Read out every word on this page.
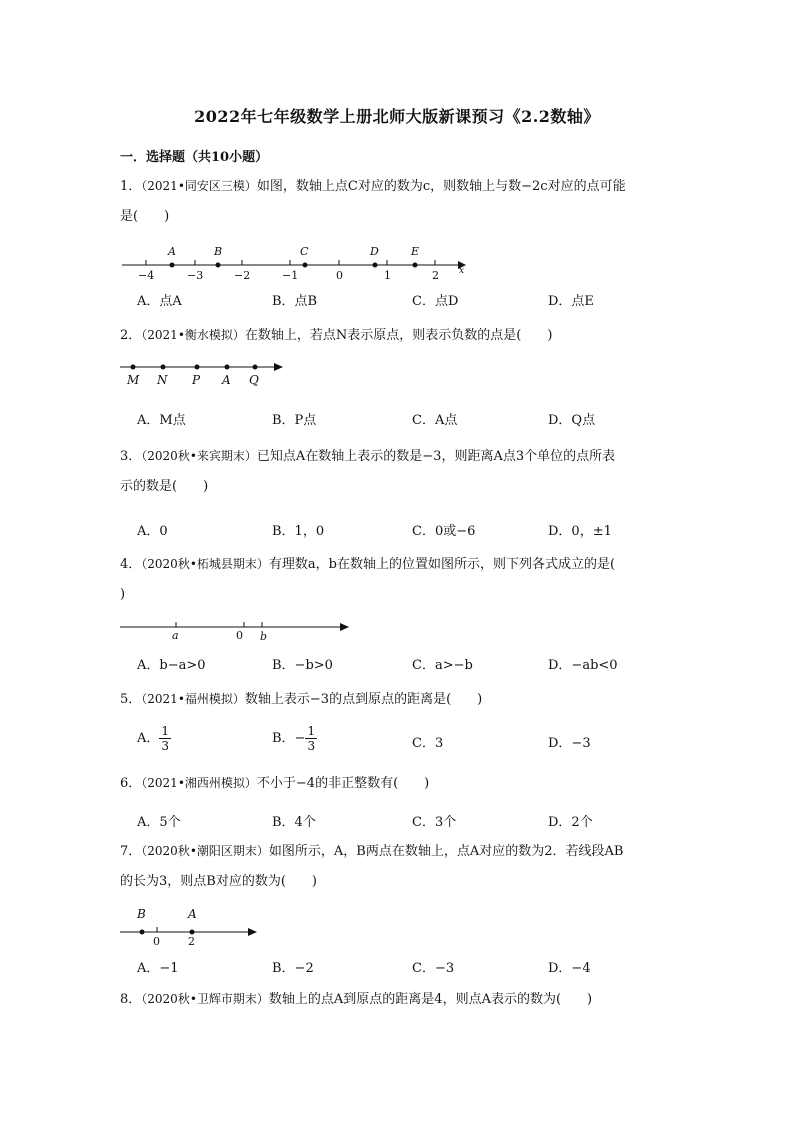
2022年七年级数学上册北师大版新课预习《2.2数轴》
一．选择题（共10小题）
1．（2021•同安区三模）如图，数轴上点C对应的数为c，则数轴上与数−2c对应的点可能
是(　　)
A	B	C	D	E
−4	−3	−2	−1	0	1	2 x
A．点A	B．点B	C．点D	D．点E
2．（2021•衡水模拟）在数轴上，若点N表示原点，则表示负数的点是(　　)
M N P A Q
A．M点	B．P点	C．A点	D．Q点
3．（2020秋•来宾期末）已知点A在数轴上表示的数是−3，则距离A点3个单位的点所表
示的数是(　　)
A．0	B．1，0	C．0或−6	D．0，±1
4．（2020秋•柘城县期末）有理数a，b在数轴上的位置如图所示，则下列各式成立的是(
)
a	0 b
A．b−a>0	B．−b>0	C．a>−b	D．−ab<0
5．（2021•福州模拟）数轴上表示−3的点到原点的距离是(　　)
A． $\frac{1}{3}$	B．− $\frac{1}{3}$	C．3	D．−3
6．（2021•湘西州模拟）不小于−4的非正整数有(　　)
A．5个	B．4个	C．3个	D．2个
7．（2020秋•潮阳区期末）如图所示，A，B两点在数轴上，点A对应的数为2．若线段AB
的长为3，则点B对应的数为(　　)
B	A
0	2
A．−1	B．−2	C．−3	D．−4
8．（2020秋•卫辉市期末）数轴上的点A到原点的距离是4，则点A表示的数为(　　)
